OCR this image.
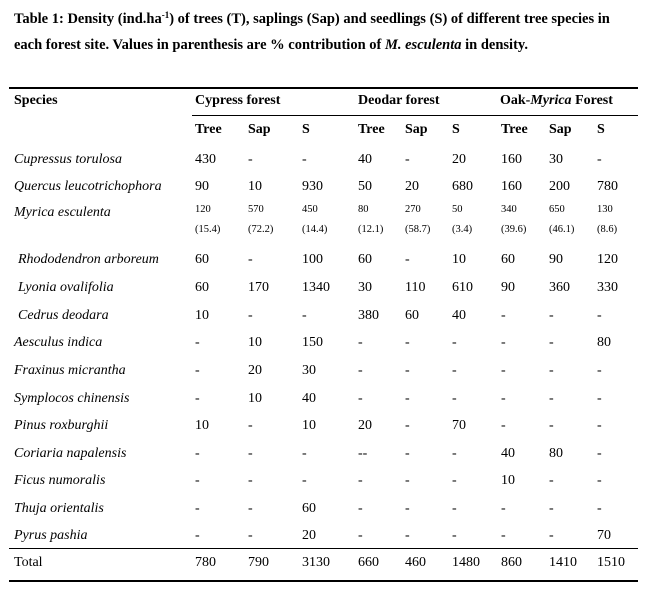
Table 1: Density $(ind.ha^{-1})$ of trees (T), saplings (Sap) and seedlings (S) of different tree species in each forest site. Values in parenthesis are % contribution of M. esculenta in density.
Species	Cypress forest	Deodar forest	Oak-Myrica Forest
Tree Sap S	Tree Sap S	Tree Sap S
Cupressus torulosa	430 -	-	40 -	20	160 30 -
Quercus leucotrichophora 90	10	930	50 20 680 160 200 780
Myrica esculenta	120	570	450	80	270	50	340	650	130
(15.4)	(72.2)	(14.4)	(12.1) (58.7) (3.4)	(39.6) (46.1) (8.6)
Rhododendron arboreum	60	-	100	60 -	10	60 90 120
Lyonia ovalifolia	60	170 1340 30 110 610 90 360 330
Cedrus deodara	10	-	-	380 60 40	-	-	-
Aesculus indica	-	10	150	-	-	-	-	-	80
Fraxinus micrantha	-	20	30	-	-	-	-	-	-
Symplocos chinensis	-	10	40	-	-	-	-	-	-
Pinus roxburghii	10	-	10	20 -	70	-	-	-
Coriaria napalensis	-	-	-	--	-	-	40 80 -
Ficus numoralis	-	-	-	-	-	-	10 -	-
Thuja orientalis	-	-	60	-	-	-	-	-	-
Pyrus pashia	-	-	20	-	-	-	-	-	70
Total	780 790 3130 660 460 1480 860 1410 1510
